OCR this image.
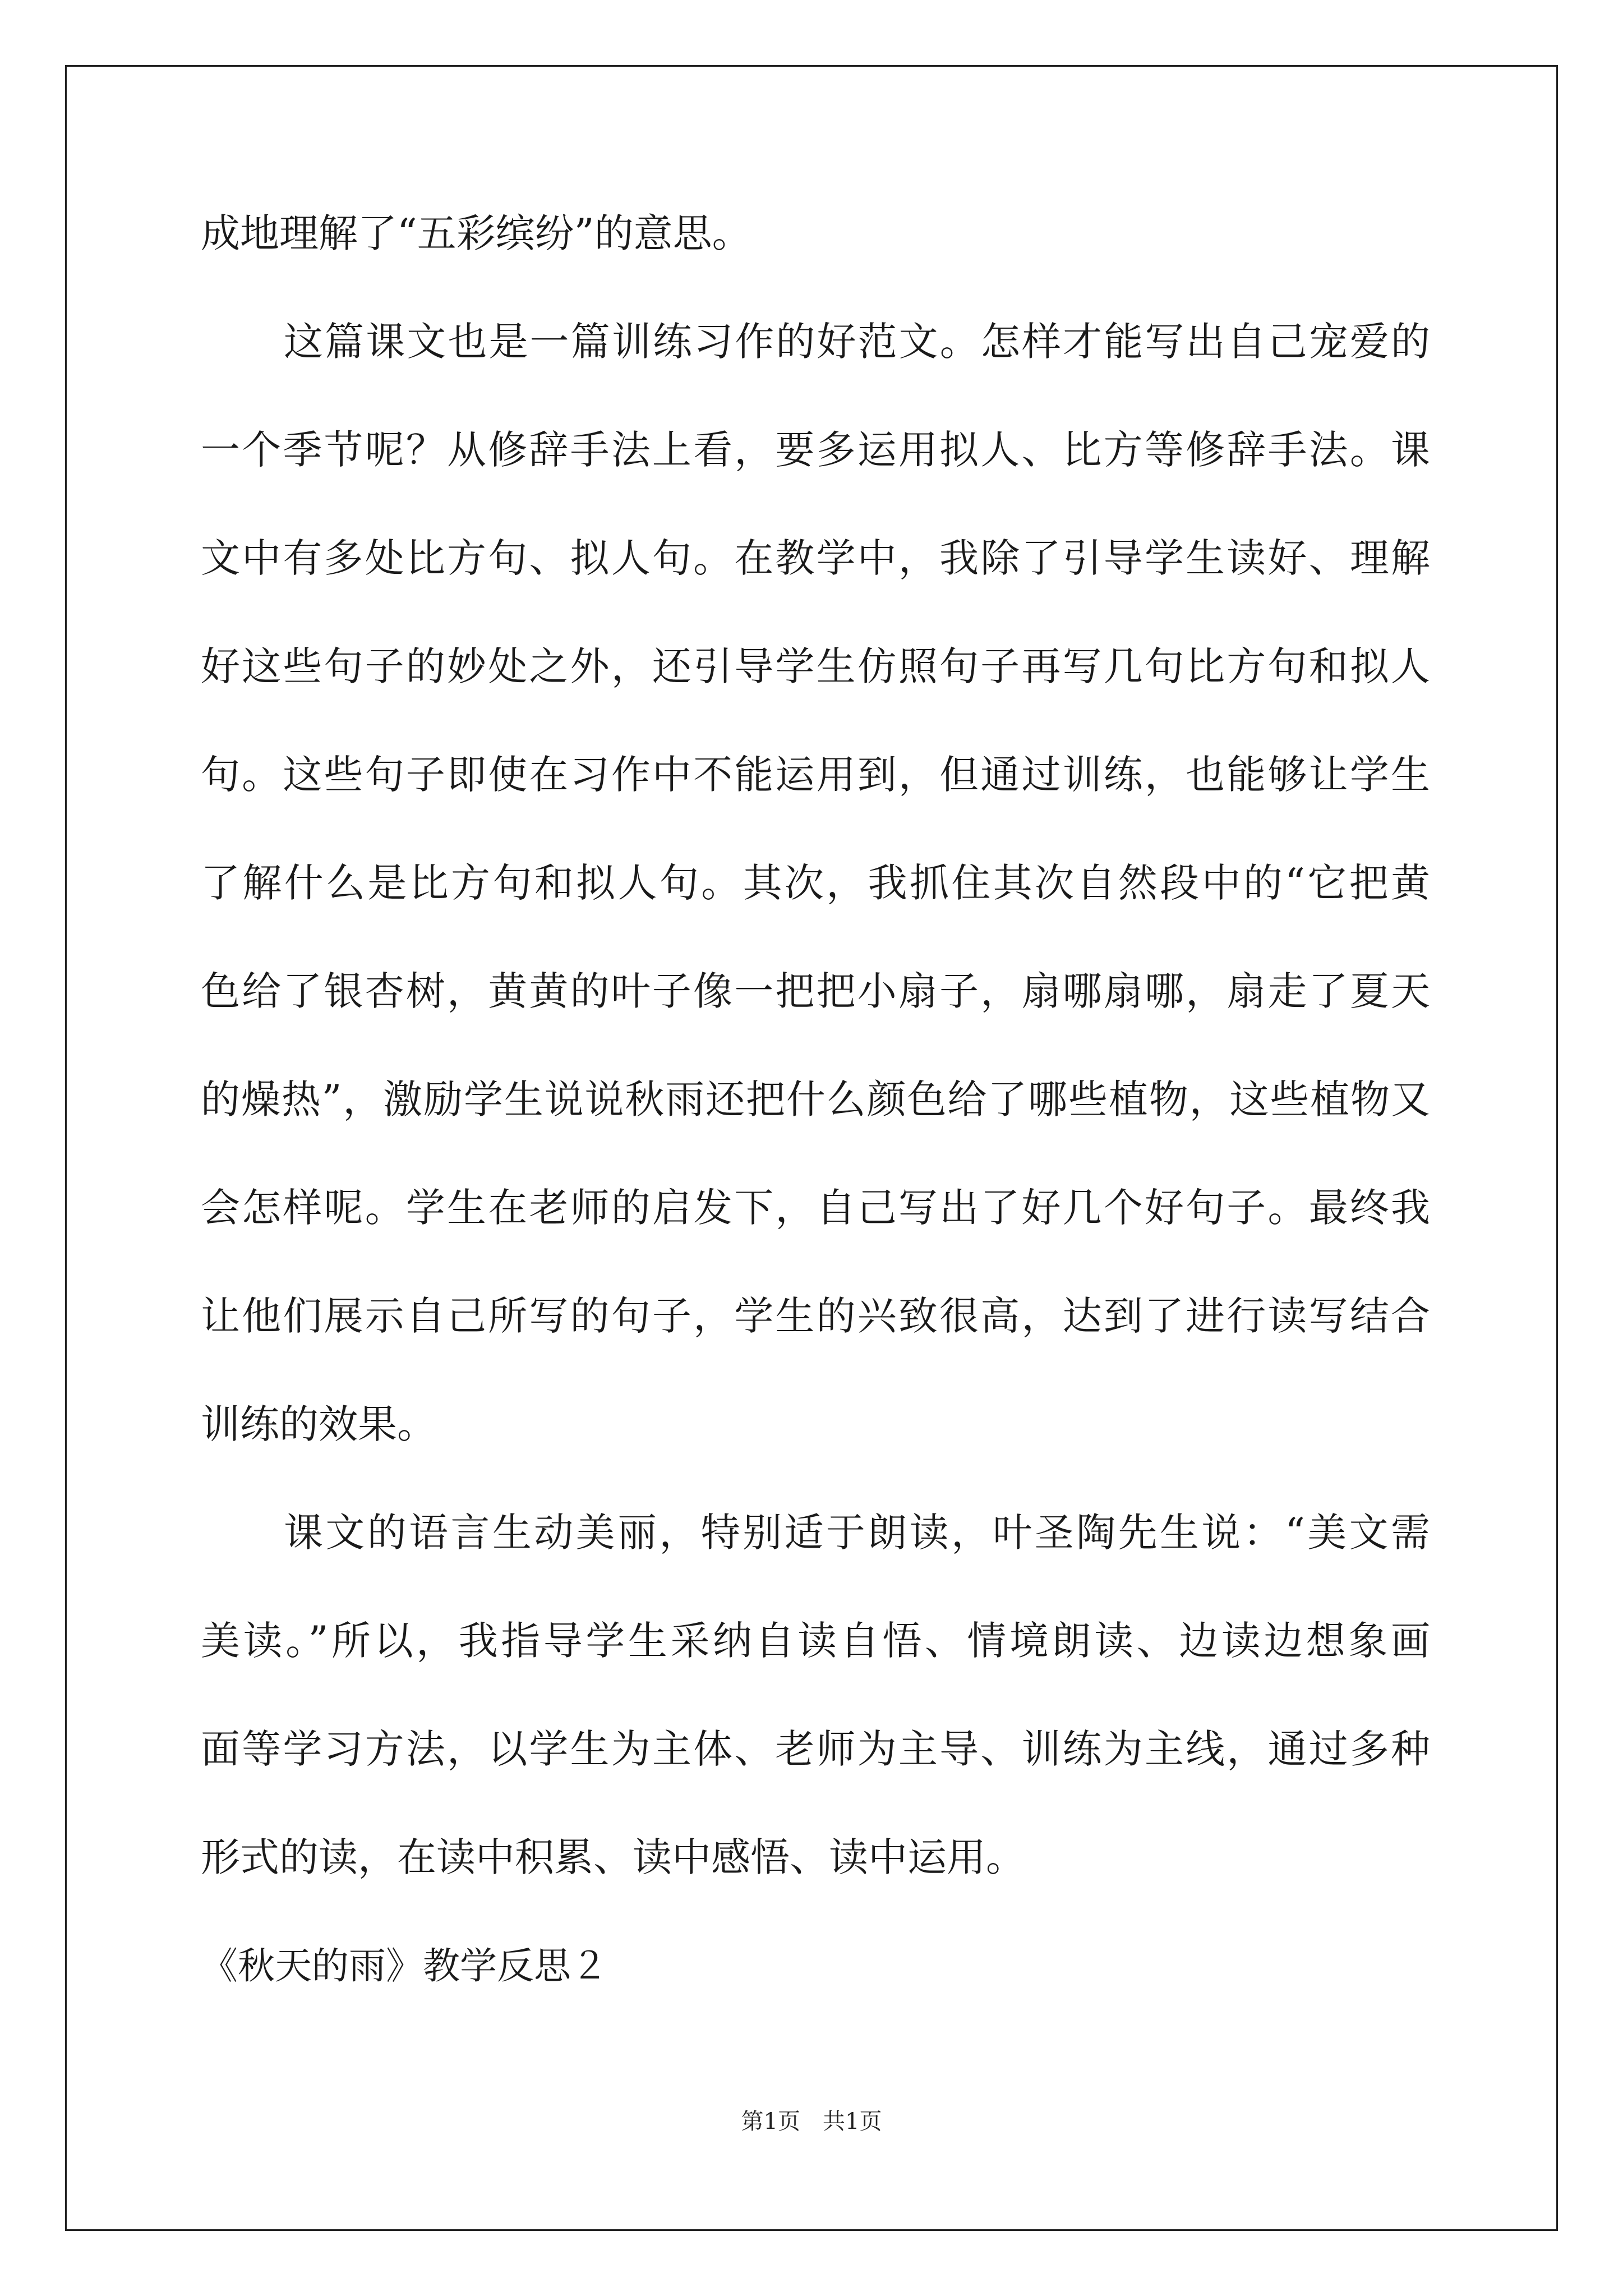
成地理解了“五彩缤纷”的意思。
这篇课文也是一篇训练习作的好范文。怎样才能写出自己宠爱的
一个季节呢？从修辞手法上看，要多运用拟人、比方等修辞手法。课
文中有多处比方句、拟人句。在教学中，我除了引导学生读好、理解
好这些句子的妙处之外，还引导学生仿照句子再写几句比方句和拟人
句。这些句子即使在习作中不能运用到，但通过训练，也能够让学生
了解什么是比方句和拟人句。其次，我抓住其次自然段中的“它把黄
色给了银杏树，黄黄的叶子像一把把小扇子，扇哪扇哪，扇走了夏天
的燥热”，激励学生说说秋雨还把什么颜色给了哪些植物，这些植物又
会怎样呢。学生在老师的启发下，自己写出了好几个好句子。最终我
让他们展示自己所写的句子，学生的兴致很高，达到了进行读写结合
训练的效果。
课文的语言生动美丽，特别适于朗读，叶圣陶先生说：“美文需
美读。”所以，我指导学生采纳自读自悟、情境朗读、边读边想象画
面等学习方法，以学生为主体、老师为主导、训练为主线，通过多种
形式的读，在读中积累、读中感悟、读中运用。
《秋天的雨》教学反思２
第1页 共1页
